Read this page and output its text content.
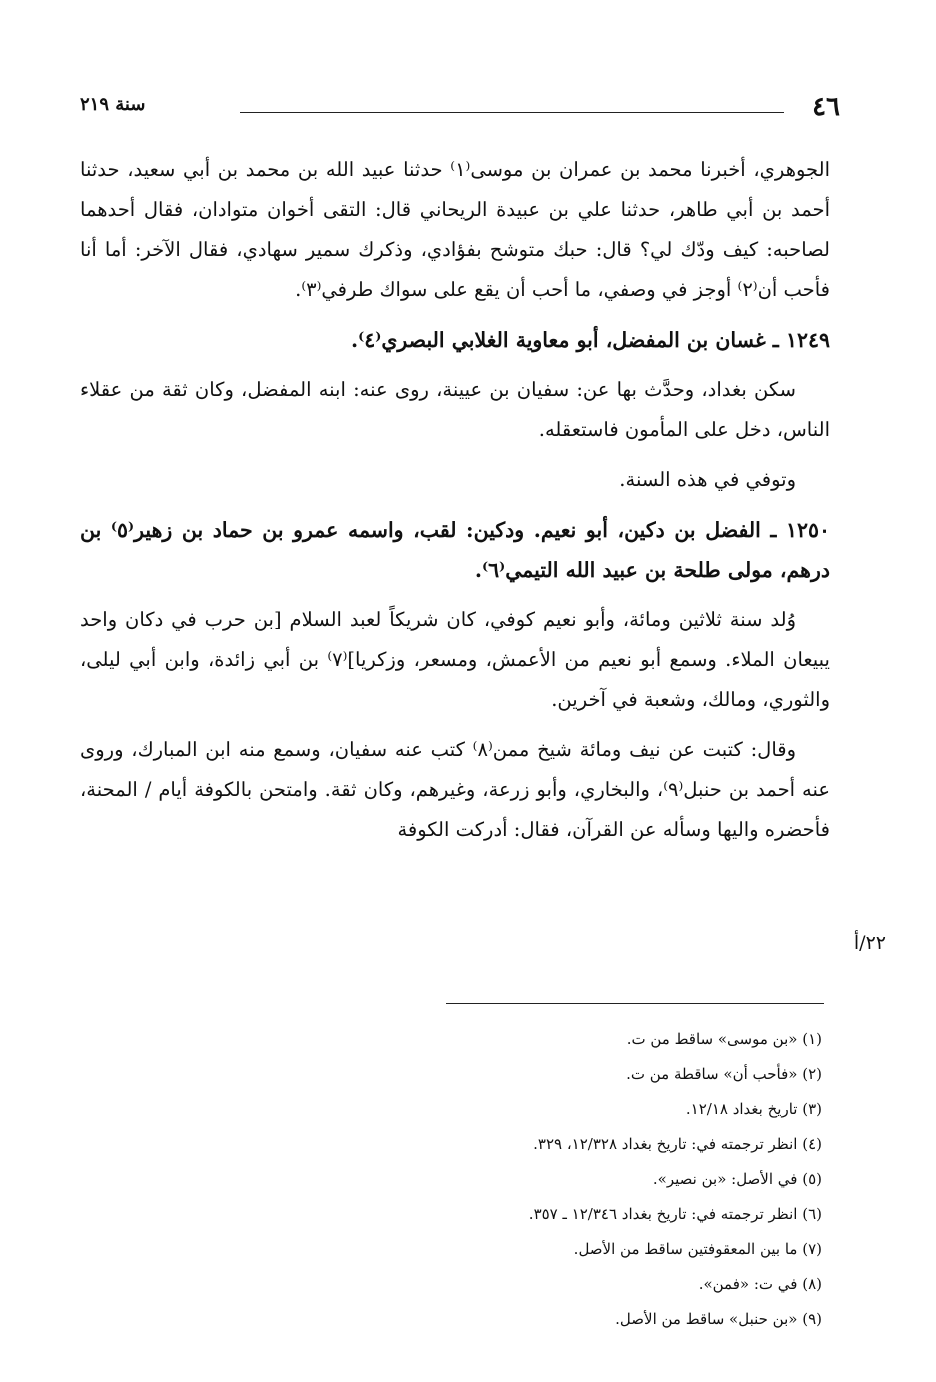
٤٦
سنة ٢١٩

الجوهري، أخبرنا محمد بن عمران بن موسى⁽١⁾ حدثنا عبيد الله بن محمد بن أبي سعيد، حدثنا أحمد بن أبي طاهر، حدثنا علي بن عبيدة الريحاني قال: التقى أخوان متوادان، فقال أحدهما لصاحبه: كيف ودّك لي؟ قال: حبك متوشح بفؤادي، وذكرك سمير سهادي، فقال الآخر: أما أنا فأحب أن⁽٢⁾ أوجز في وصفي، ما أحب أن يقع على سواك طرفي⁽٣⁾.

١٢٤٩ ـ غسان بن المفضل، أبو معاوية الغلابي البصري⁽٤⁾.

سكن بغداد، وحدَّث بها عن: سفيان بن عيينة، روى عنه: ابنه المفضل، وكان ثقة من عقلاء الناس، دخل على المأمون فاستعقله.

وتوفي في هذه السنة.

١٢٥٠ ـ الفضل بن دكين، أبو نعيم. ودكين: لقب، واسمه عمرو بن حماد بن زهير⁽٥⁾ بن درهم، مولى طلحة بن عبيد الله التيمي⁽٦⁾.

وُلد سنة ثلاثين ومائة، وأبو نعيم كوفي، كان شريكاً لعبد السلام [بن حرب في دكان واحد يبيعان الملاء. وسمع أبو نعيم من الأعمش، ومسعر، وزكريا]⁽٧⁾ بن أبي زائدة، وابن أبي ليلى، والثوري، ومالك، وشعبة في آخرين.

وقال: كتبت عن نيف ومائة شيخ ممن⁽٨⁾ كتب عنه سفيان، وسمع منه ابن المبارك، وروى عنه أحمد بن حنبل⁽٩⁾، والبخاري، وأبو زرعة، وغيرهم، وكان ثقة. وامتحن بالكوفة أيام / المحنة، فأحضره واليها وسأله عن القرآن، فقال: أدركت الكوفة

٢٢/أ
(١) «بن موسى» ساقط من ت.
(٢) «فأحب أن» ساقطة من ت.
(٣) تاريخ بغداد ١٢/١٨.
(٤) انظر ترجمته في: تاريخ بغداد ١٢/٣٢٨، ٣٢٩.
(٥) في الأصل: «بن نصير».
(٦) انظر ترجمته في: تاريخ بغداد ١٢/٣٤٦ ـ ٣٥٧.
(٧) ما بين المعقوفتين ساقط من الأصل.
(٨) في ت: «فمن».
(٩) «بن حنبل» ساقط من الأصل.
